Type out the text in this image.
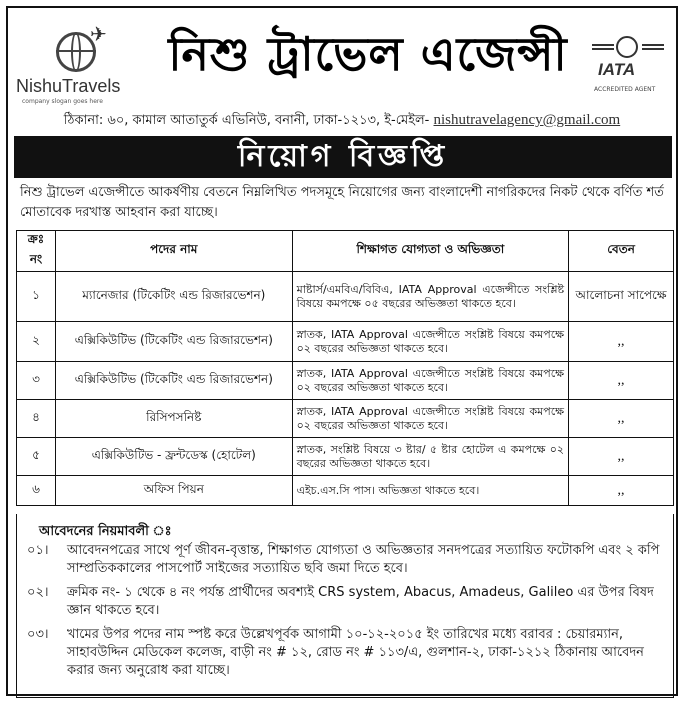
✈
NishuTravels
company slogan goes here
নিশু ট্রাভেল এজেন্সী	IATA
ACCREDITED AGENT
ঠিকানা: ৬০, কামাল আতাতুর্ক এভিনিউ, বনানী, ঢাকা-১২১৩, ই-মেইল- nishutravelagency@gmail.com
নিয়োগ বিজ্ঞপ্তি
নিশু ট্রাভেল এজেন্সীতে আকর্ষণীয় বেতনে নিম্নলিখিত পদসমূহে নিয়োগের জন্য বাংলাদেশী নাগরিকদের নিকট থেকে বর্ণিত শর্ত মোতাবেক দরখাস্ত আহবান করা যাচ্ছে।
ক্রঃ নং	পদের নাম	শিক্ষাগত যোগ্যতা ও অভিজ্ঞতা	বেতন
১	ম্যানেজার (টিকেটিং এন্ড রিজারভেশন)	মাষ্টার্স/এমবিএ/বিবিএ, IATA Approval এজেন্সীতে সংশ্লিষ্ট বিষয়ে কমপক্ষে ০৫ বছরের অভিজ্ঞতা থাকতে হবে।	আলোচনা সাপেক্ষে
২	এক্সিকিউটিভ (টিকেটিং এন্ড রিজারভেশন)	স্নাতক, IATA Approval এজেন্সীতে সংশ্লিষ্ট বিষয়ে কমপক্ষে ০২ বছরের অভিজ্ঞতা থাকতে হবে।	,,
৩	এক্সিকিউটিভ (টিকেটিং এন্ড রিজারভেশন)	স্নাতক, IATA Approval এজেন্সীতে সংশ্লিষ্ট বিষয়ে কমপক্ষে ০২ বছরের অভিজ্ঞতা থাকতে হবে।	,,
৪	রিসিপসনিষ্ট	স্নাতক, IATA Approval এজেন্সীতে সংশ্লিষ্ট বিষয়ে কমপক্ষে ০২ বছরের অভিজ্ঞতা থাকতে হবে।	,,
৫	এক্সিকিউটিভ - ফ্রন্টডেস্ক (হোটেল)	স্নাতক, সংশ্লিষ্ট বিষয়ে ৩ ষ্টার/ ৫ ষ্টার হোটেল এ কমপক্ষে ০২ বছরের অভিজ্ঞতা থাকতে হবে।	,,
৬	অফিস পিয়ন	এইচ.এস.সি পাস। অভিজ্ঞতা থাকতে হবে।	,,
আবেদনের নিয়মাবলী ঃ
০১। আবেদনপত্রের সাথে পূর্ণ জীবন-বৃত্তান্ত, শিক্ষাগত যোগ্যতা ও অভিজ্ঞতার সনদপত্রের সত্যায়িত ফটোকপি এবং ২ কপি সাম্প্রতিককালের পাসপোর্ট সাইজের সত্যায়িত ছবি জমা দিতে হবে।
০২। ক্রমিক নং- ১ থেকে ৪ নং পর্যন্ত প্রার্থীদের অবশ্যই CRS system, Abacus, Amadeus, Galileo এর উপর বিষদ জ্ঞান থাকতে হবে।
০৩। খামের উপর পদের নাম স্পষ্ট করে উল্লেখপূর্বক আগামী ১০-১২-২০১৫ ইং তারিখের মধ্যে বরাবর : চেয়ারম্যান, সাহাবউদ্দিন মেডিকেল কলেজ, বাড়ী নং # ১২, রোড নং # ১১৩/এ, গুলশান-২, ঢাকা-১২১২ ঠিকানায় আবেদন করার জন্য অনুরোধ করা যাচ্ছে।
